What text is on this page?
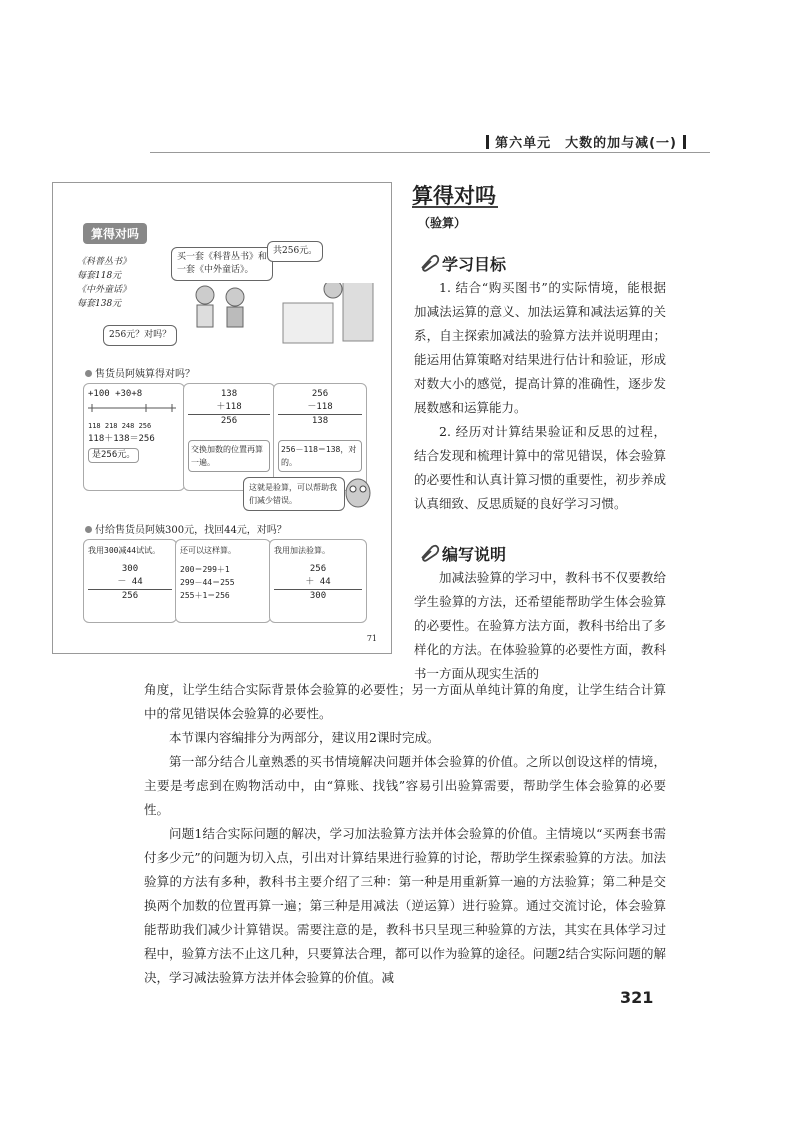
第六单元　大数的加与减(一)
算得对吗
《科普丛书》
每套118元
《中外童话》
每套138元
买一套《科普丛书》和一套《中外童话》。
共256元。
256元？对吗？
售货员阿姨算得对吗？
+100 +30+8
118 218 248 256
118＋138＝256
是256元。
138
＋118
256
交换加数的位置再算一遍。
256
－118
138
256－118＝138，对的。
这就是验算，可以帮助我们减少错误。
付给售货员阿姨300元，找回44元，对吗？
我用300减44试试。
300
－ 44
256
还可以这样算。
200＝299＋1
299－44＝255
255＋1＝256
我用加法验算。
256
＋ 44
300
71
算得对吗
（验算）
学习目标
1. 结合“购买图书”的实际情境，能根据加减法运算的意义、加法运算和减法运算的关系，自主探索加减法的验算方法并说明理由；能运用估算策略对结果进行估计和验证，形成对数大小的感觉，提高计算的准确性，逐步发展数感和运算能力。
2. 经历对计算结果验证和反思的过程，结合发现和梳理计算中的常见错误，体会验算的必要性和认真计算习惯的重要性，初步养成认真细致、反思质疑的良好学习习惯。
编写说明
加减法验算的学习中，教科书不仅要教给学生验算的方法，还希望能帮助学生体会验算的必要性。在验算方法方面，教科书给出了多样化的方法。在体验验算的必要性方面，教科书一方面从现实生活的
角度，让学生结合实际背景体会验算的必要性；另一方面从单纯计算的角度，让学生结合计算中的常见错误体会验算的必要性。
本节课内容编排分为两部分，建议用2课时完成。
第一部分结合儿童熟悉的买书情境解决问题并体会验算的价值。之所以创设这样的情境，主要是考虑到在购物活动中，由“算账、找钱”容易引出验算需要，帮助学生体会验算的必要性。
问题1结合实际问题的解决，学习加法验算方法并体会验算的价值。主情境以“买两套书需付多少元”的问题为切入点，引出对计算结果进行验算的讨论，帮助学生探索验算的方法。加法验算的方法有多种，教科书主要介绍了三种：第一种是用重新算一遍的方法验算；第二种是交换两个加数的位置再算一遍；第三种是用减法（逆运算）进行验算。通过交流讨论，体会验算能帮助我们减少计算错误。需要注意的是，教科书只呈现三种验算的方法，其实在具体学习过程中，验算方法不止这几种，只要算法合理，都可以作为验算的途径。问题2结合实际问题的解决，学习减法验算方法并体会验算的价值。减
321
